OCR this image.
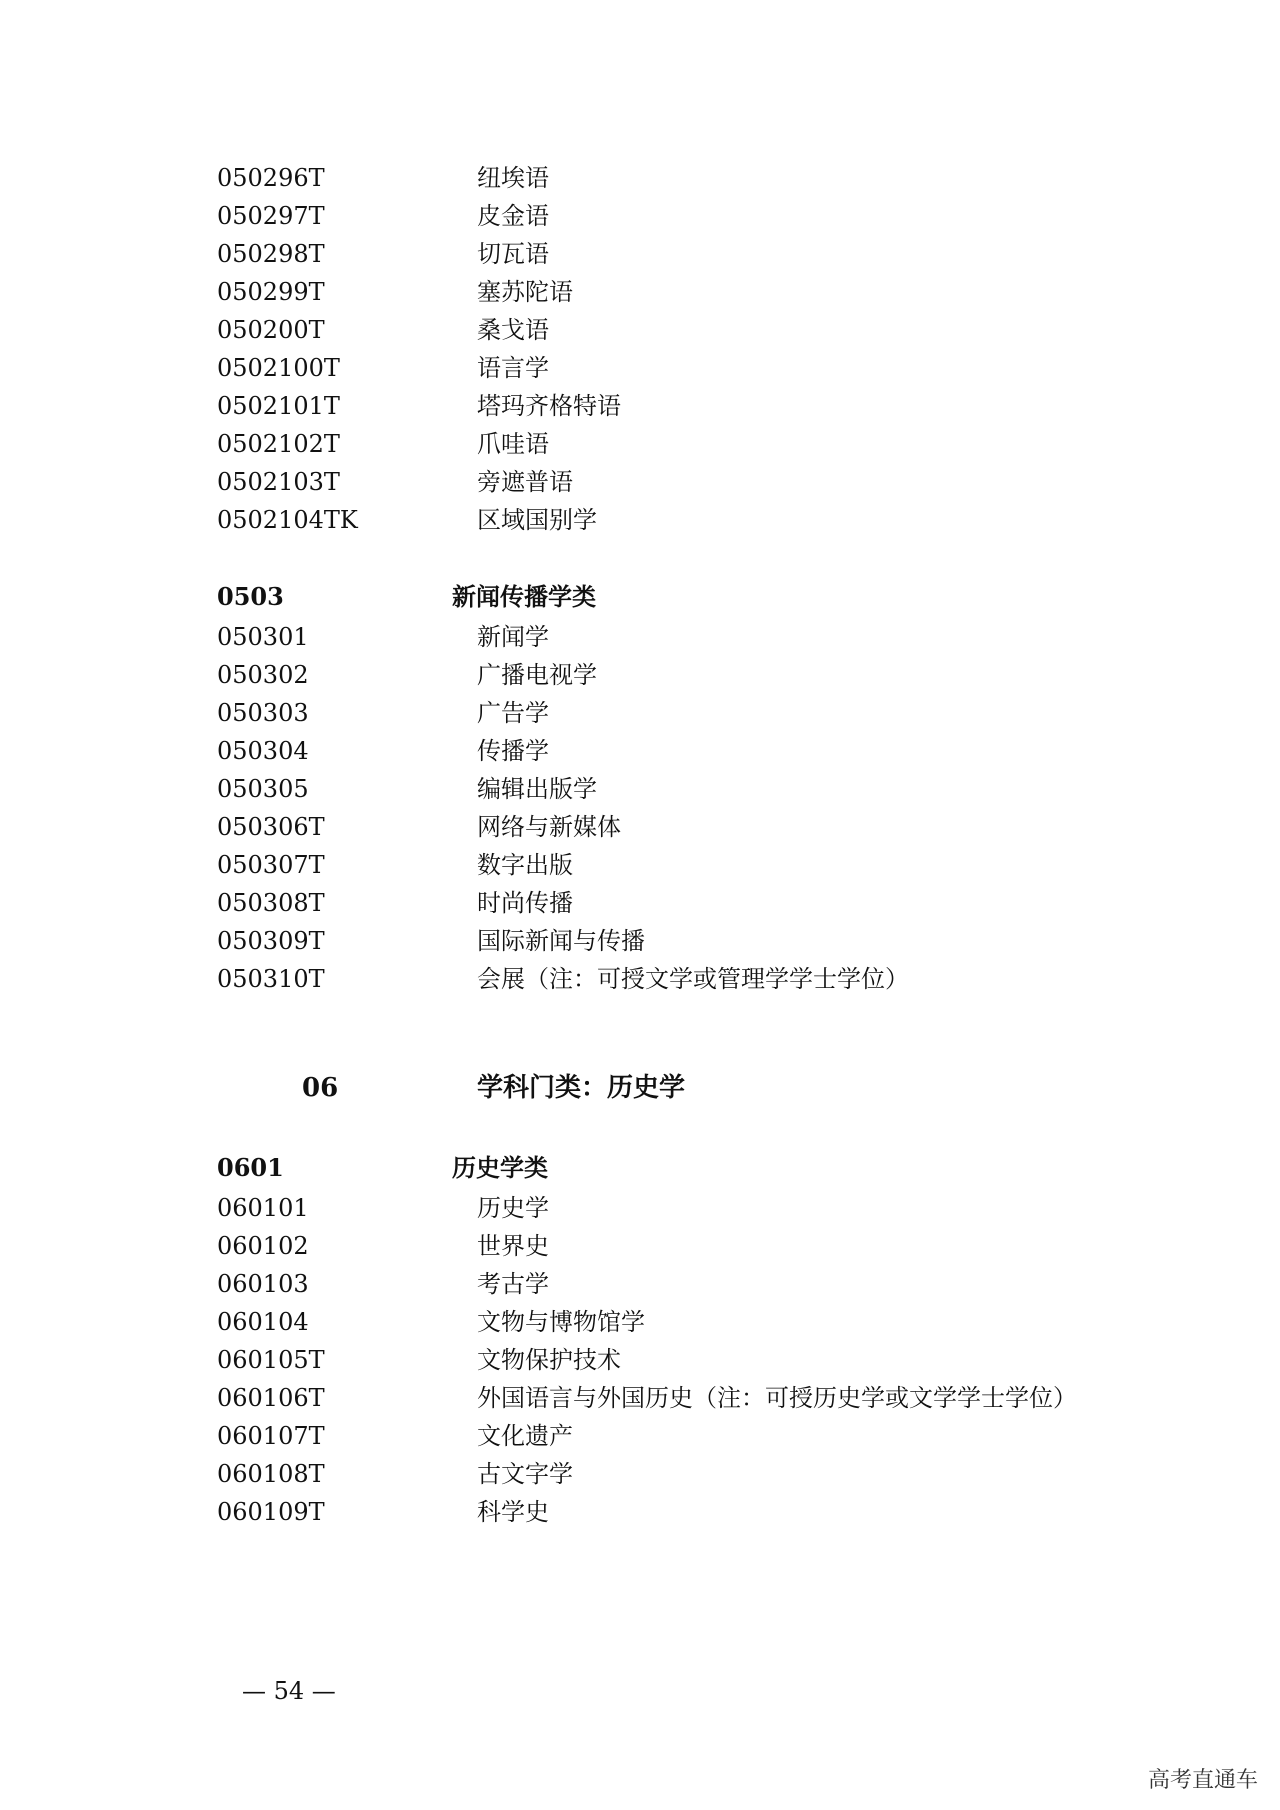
050296T	纽埃语
050297T	皮金语
050298T	切瓦语
050299T	塞苏陀语
050200T	桑戈语
0502100T	语言学
0502101T	塔玛齐格特语
0502102T	爪哇语
0502103T	旁遮普语
0502104TK	区域国别学
0503	新闻传播学类
050301	新闻学
050302	广播电视学
050303	广告学
050304	传播学
050305	编辑出版学
050306T	网络与新媒体
050307T	数字出版
050308T	时尚传播
050309T	国际新闻与传播
050310T	会展（注：可授文学或管理学学士学位）
06	学科门类：历史学
0601	历史学类
060101	历史学
060102	世界史
060103	考古学
060104	文物与博物馆学
060105T	文物保护技术
060106T	外国语言与外国历史（注：可授历史学或文学学士学位）
060107T	文化遗产
060108T	古文字学
060109T	科学史
— 54 —
高考直通车
